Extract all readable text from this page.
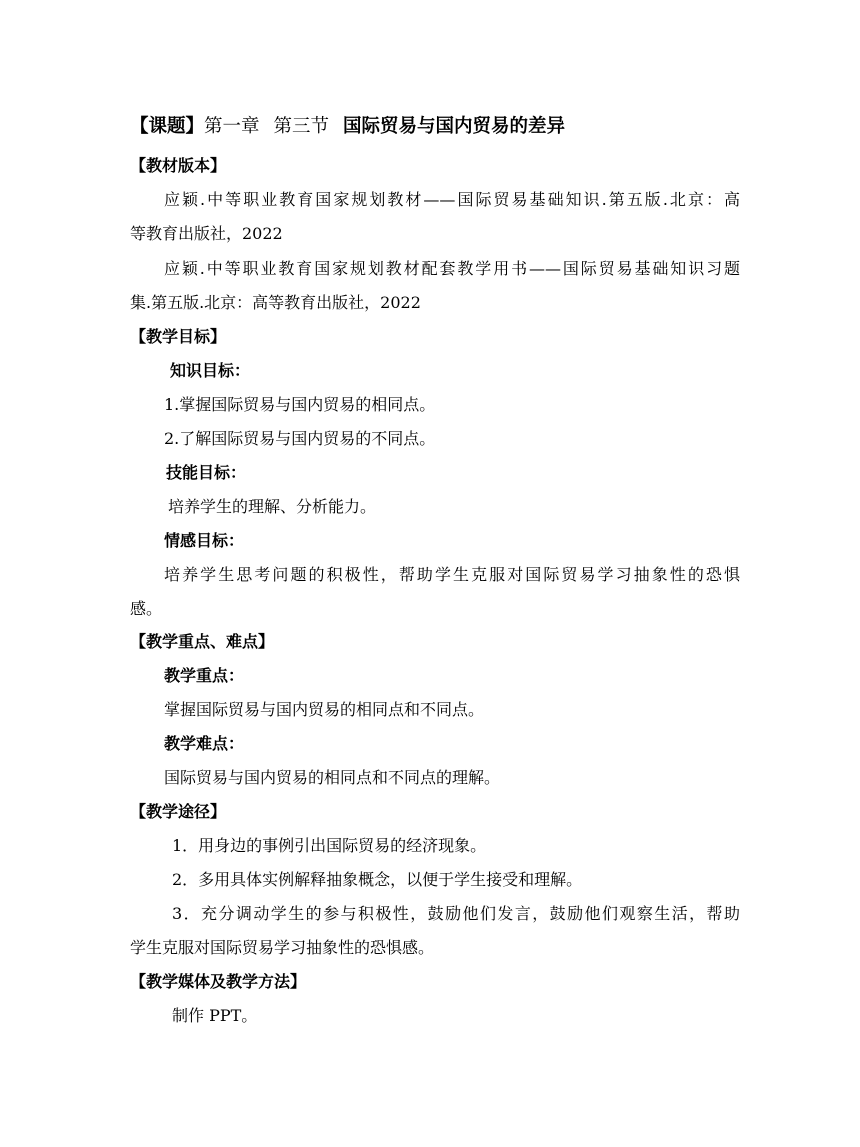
【课题】第一章 第三节 国际贸易与国内贸易的差异
【教材版本】
应颖.中等职业教育国家规划教材——国际贸易基础知识.第五版.北京：高
等教育出版社，2022
应颖.中等职业教育国家规划教材配套教学用书——国际贸易基础知识习题
集.第五版.北京：高等教育出版社，2022
【教学目标】
知识目标：
1.掌握国际贸易与国内贸易的相同点。
2.了解国际贸易与国内贸易的不同点。
技能目标：
培养学生的理解、分析能力。
情感目标：
培养学生思考问题的积极性，帮助学生克服对国际贸易学习抽象性的恐惧
感。
【教学重点、难点】
教学重点：
掌握国际贸易与国内贸易的相同点和不同点。
教学难点：
国际贸易与国内贸易的相同点和不同点的理解。
【教学途径】
1．用身边的事例引出国际贸易的经济现象。
2．多用具体实例解释抽象概念，以便于学生接受和理解。
3．充分调动学生的参与积极性，鼓励他们发言，鼓励他们观察生活，帮助
学生克服对国际贸易学习抽象性的恐惧感。
【教学媒体及教学方法】
制作 PPT。
